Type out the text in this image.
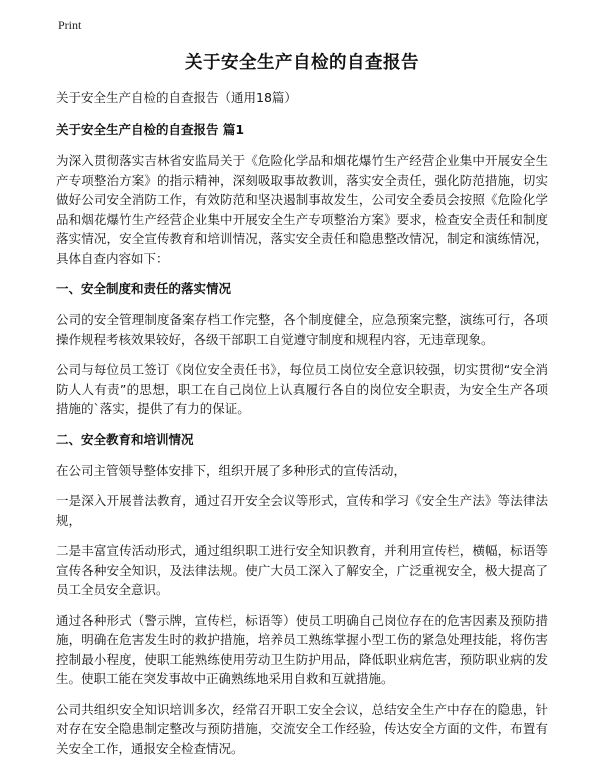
Print
关于安全生产自检的自查报告
关于安全生产自检的自查报告（通用18篇）
关于安全生产自检的自查报告 篇1
为深入贯彻落实吉林省安监局关于《危险化学品和烟花爆竹生产经营企业集中开展安全生产专项整治方案》的指示精神，深刻吸取事故教训，落实安全责任，强化防范措施，切实做好公司安全消防工作，有效防范和坚决遏制事故发生，公司安全委员会按照《危险化学品和烟花爆竹生产经营企业集中开展安全生产专项整治方案》要求，检查安全责任和制度落实情况，安全宣传教育和培训情况，落实安全责任和隐患整改情况，制定和演练情况，具体自查内容如下：
一、安全制度和责任的落实情况
公司的安全管理制度备案存档工作完整，各个制度健全，应急预案完整，演练可行，各项操作规程考核效果较好，各级干部职工自觉遵守制度和规程内容，无违章现象。
公司与每位员工签订《岗位安全责任书》，每位员工岗位安全意识较强，切实贯彻“安全消防人人有责”的思想，职工在自己岗位上认真履行各自的岗位安全职责，为安全生产各项措施的`落实，提供了有力的保证。
二、安全教育和培训情况
在公司主管领导整体安排下，组织开展了多种形式的宣传活动，
一是深入开展普法教育，通过召开安全会议等形式，宣传和学习《安全生产法》等法律法规，
二是丰富宣传活动形式，通过组织职工进行安全知识教育，并利用宣传栏，横幅，标语等宣传各种安全知识，及法律法规。使广大员工深入了解安全，广泛重视安全，极大提高了员工全员安全意识。
通过各种形式（警示牌，宣传栏，标语等）使员工明确自己岗位存在的危害因素及预防措施，明确在危害发生时的救护措施，培养员工熟练掌握小型工伤的紧急处理技能，将伤害控制最小程度，使职工能熟练使用劳动卫生防护用品，降低职业病危害，预防职业病的发生。使职工能在突发事故中正确熟练地采用自救和互就措施。
公司共组织安全知识培训多次，经常召开职工安全会议，总结安全生产中存在的隐患，针对存在安全隐患制定整改与预防措施，交流安全工作经验，传达安全方面的文件，布置有关安全工作，通报安全检查情况。
